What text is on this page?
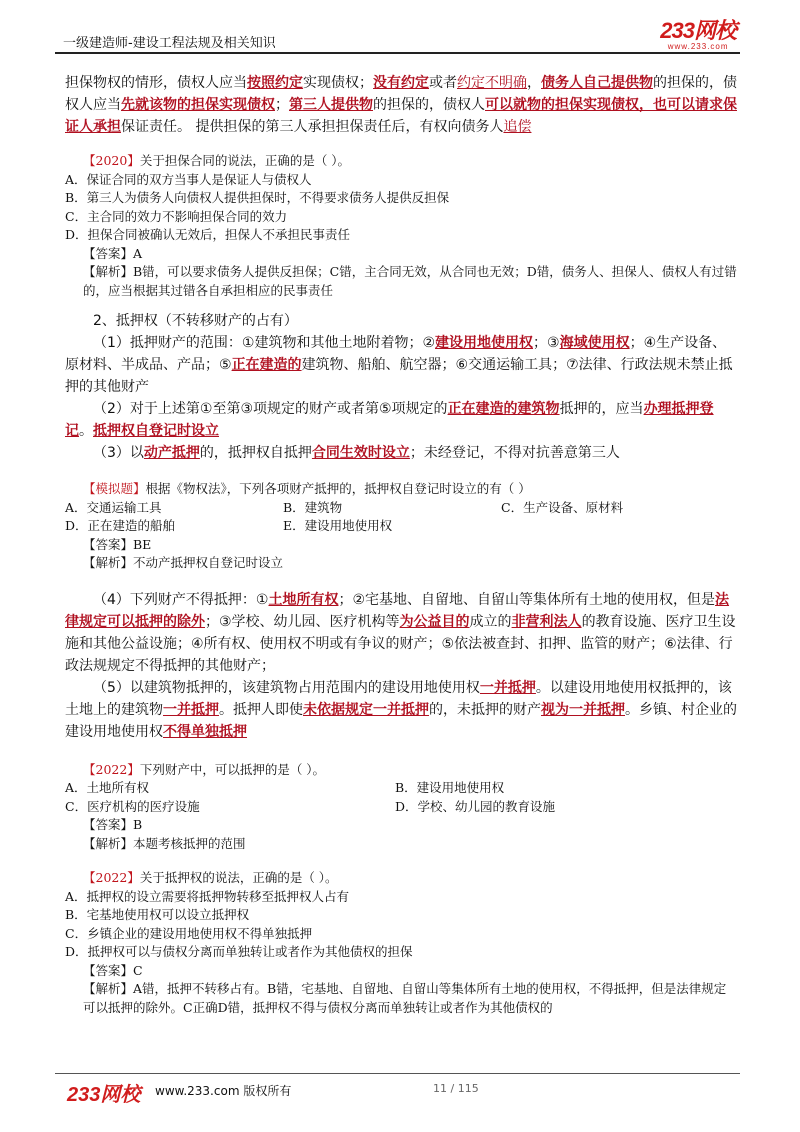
一级建造师-建设工程法规及相关知识
233网校
www.233.com

担保物权的情形，债权人应当按照约定实现债权；没有约定或者约定不明确，债务人自己提供物的担保的，债权人应当先就该物的担保实现债权；第三人提供物的担保的，债权人可以就物的担保实现债权，也可以请求保证人承担保证责任。 提供担保的第三人承担担保责任后，有权向债务人追偿

【2020】关于担保合同的说法，正确的是（ ）。
A．保证合同的双方当事人是保证人与债权人
B．第三人为债务人向债权人提供担保时，不得要求债务人提供反担保
C．主合同的效力不影响担保合同的效力
D．担保合同被确认无效后，担保人不承担民事责任
【答案】A
【解析】B错，可以要求债务人提供反担保；C错，主合同无效，从合同也无效；D错，债务人、担保人、债权人有过错的，应当根据其过错各自承担相应的民事责任

2、抵押权（不转移财产的占有）

（1）抵押财产的范围：①建筑物和其他土地附着物；②建设用地使用权；③海域使用权；④生产设备、原材料、半成品、产品；⑤正在建造的建筑物、船舶、航空器；⑥交通运输工具；⑦法律、行政法规未禁止抵押的其他财产

（2）对于上述第①至第③项规定的财产或者第⑤项规定的正在建造的建筑物抵押的，应当办理抵押登记。抵押权自登记时设立

（3）以动产抵押的，抵押权自抵押合同生效时设立；未经登记，不得对抗善意第三人

【模拟题】根据《物权法》，下列各项财产抵押的，抵押权自登记时设立的有（ ）
A．交通运输工具	B．建筑物	C．生产设备、原材料
D．正在建造的船舶	E．建设用地使用权
【答案】BE
【解析】不动产抵押权自登记时设立

（4）下列财产不得抵押：①土地所有权；②宅基地、自留地、自留山等集体所有土地的使用权，但是法律规定可以抵押的除外；③学校、幼儿园、医疗机构等为公益目的成立的非营利法人的教育设施、医疗卫生设施和其他公益设施；④所有权、使用权不明或有争议的财产；⑤依法被查封、扣押、监管的财产；⑥法律、行政法规规定不得抵押的其他财产；

（5）以建筑物抵押的，该建筑物占用范围内的建设用地使用权一并抵押。以建设用地使用权抵押的，该土地上的建筑物一并抵押。抵押人即使未依据规定一并抵押的，未抵押的财产视为一并抵押。乡镇、村企业的建设用地使用权不得单独抵押

【2022】下列财产中，可以抵押的是（ ）。
A．土地所有权	B．建设用地使用权
C．医疗机构的医疗设施	D．学校、幼儿园的教育设施
【答案】B
【解析】本题考核抵押的范围
【2022】关于抵押权的说法，正确的是（ ）。
A．抵押权的设立需要将抵押物转移至抵押权人占有
B．宅基地使用权可以设立抵押权
C．乡镇企业的建设用地使用权不得单独抵押
D．抵押权可以与债权分离而单独转让或者作为其他债权的担保
【答案】C
【解析】A错，抵押不转移占有。B错，宅基地、自留地、自留山等集体所有土地的使用权，不得抵押，但是法律规定可以抵押的除外。C正确D错，抵押权不得与债权分离而单独转让或者作为其他债权的
233网校 www.233.com 版权所有	11 / 115
